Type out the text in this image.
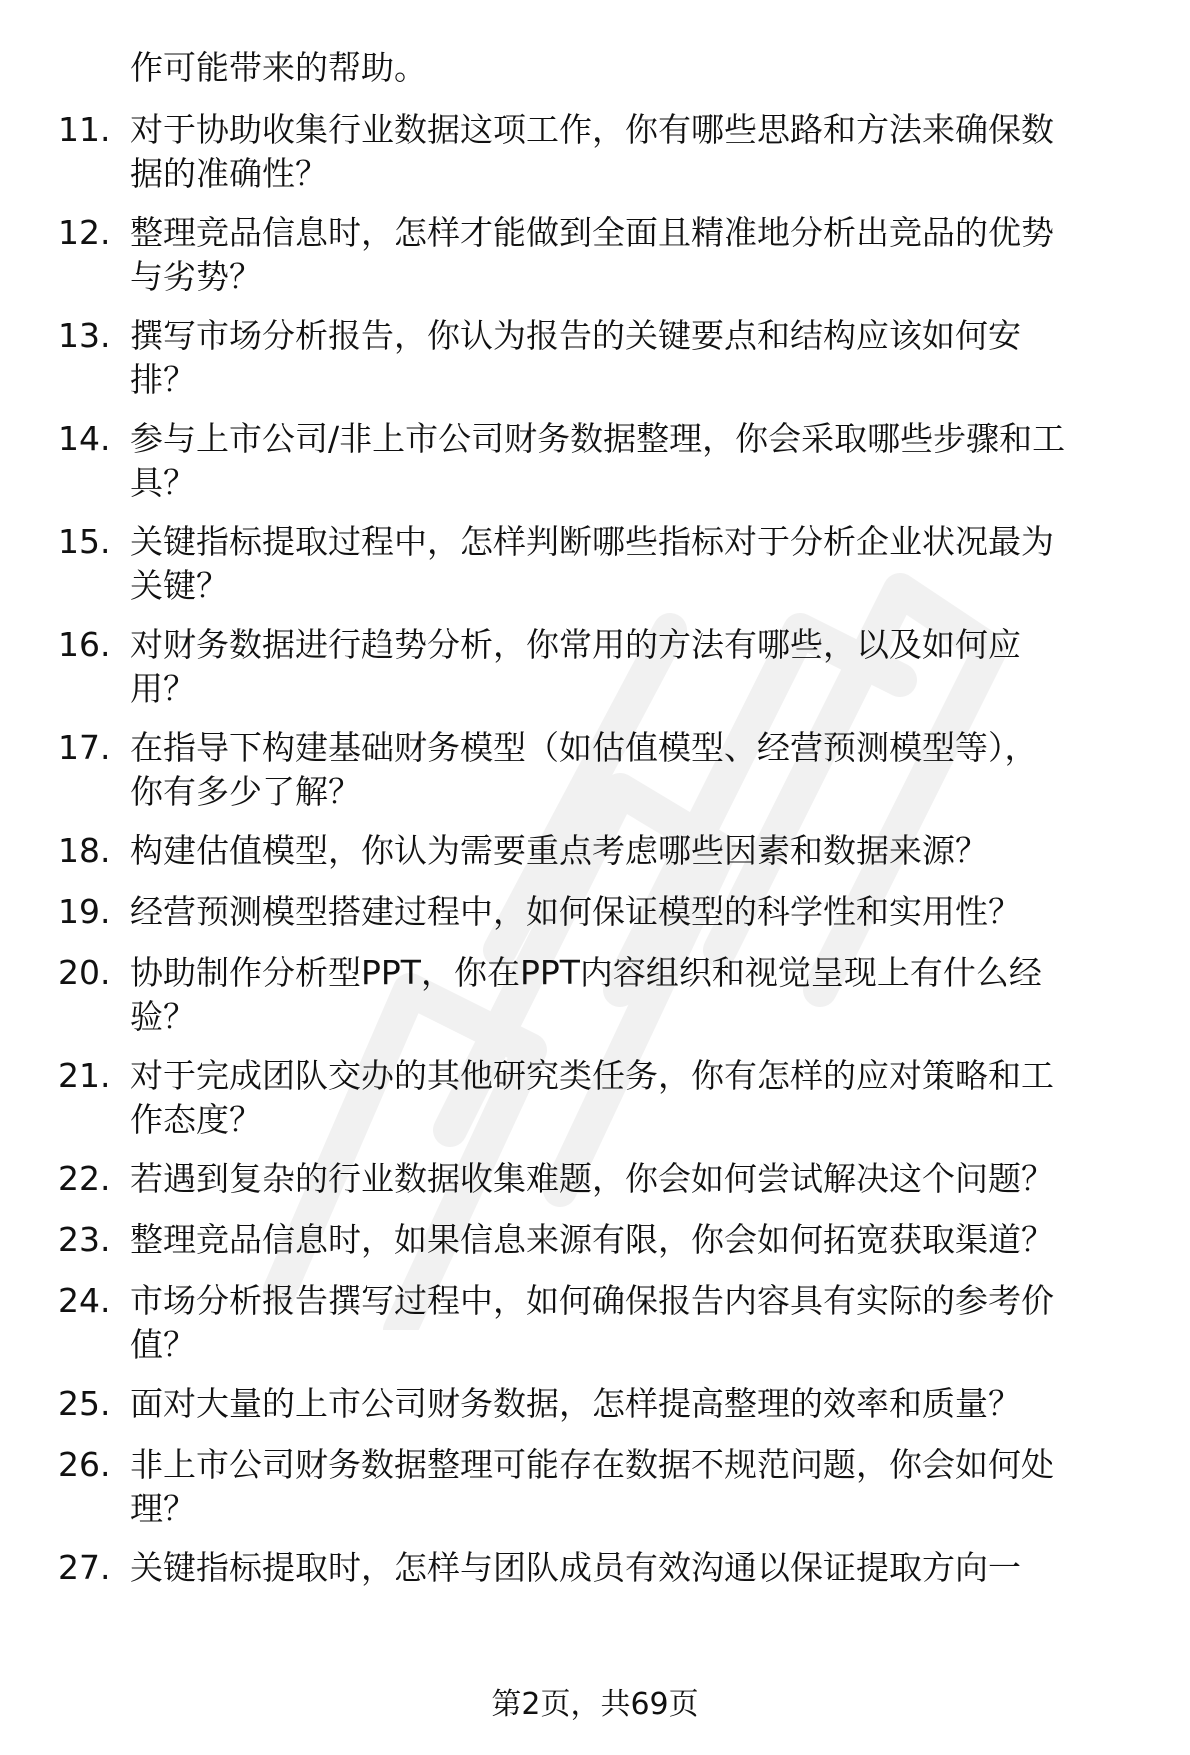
作可能带来的帮助。
11. 对于协助收集行业数据这项工作，你有哪些思路和方法来确保数
据的准确性？
12. 整理竞品信息时，怎样才能做到全面且精准地分析出竞品的优势
与劣势？
13. 撰写市场分析报告，你认为报告的关键要点和结构应该如何安
排？
14. 参与上市公司/非上市公司财务数据整理，你会采取哪些步骤和工
具？
15. 关键指标提取过程中，怎样判断哪些指标对于分析企业状况最为
关键？
16. 对财务数据进行趋势分析，你常用的方法有哪些，以及如何应
用？
17. 在指导下构建基础财务模型（如估值模型、经营预测模型等），
你有多少了解？
18. 构建估值模型，你认为需要重点考虑哪些因素和数据来源？
19. 经营预测模型搭建过程中，如何保证模型的科学性和实用性？
20. 协助制作分析型PPT，你在PPT内容组织和视觉呈现上有什么经
验？
21. 对于完成团队交办的其他研究类任务，你有怎样的应对策略和工
作态度？
22. 若遇到复杂的行业数据收集难题，你会如何尝试解决这个问题？
23. 整理竞品信息时，如果信息来源有限，你会如何拓宽获取渠道？
24. 市场分析报告撰写过程中，如何确保报告内容具有实际的参考价
值？
25. 面对大量的上市公司财务数据，怎样提高整理的效率和质量？
26. 非上市公司财务数据整理可能存在数据不规范问题，你会如何处
理？
27. 关键指标提取时，怎样与团队成员有效沟通以保证提取方向一
第2页，共69页
